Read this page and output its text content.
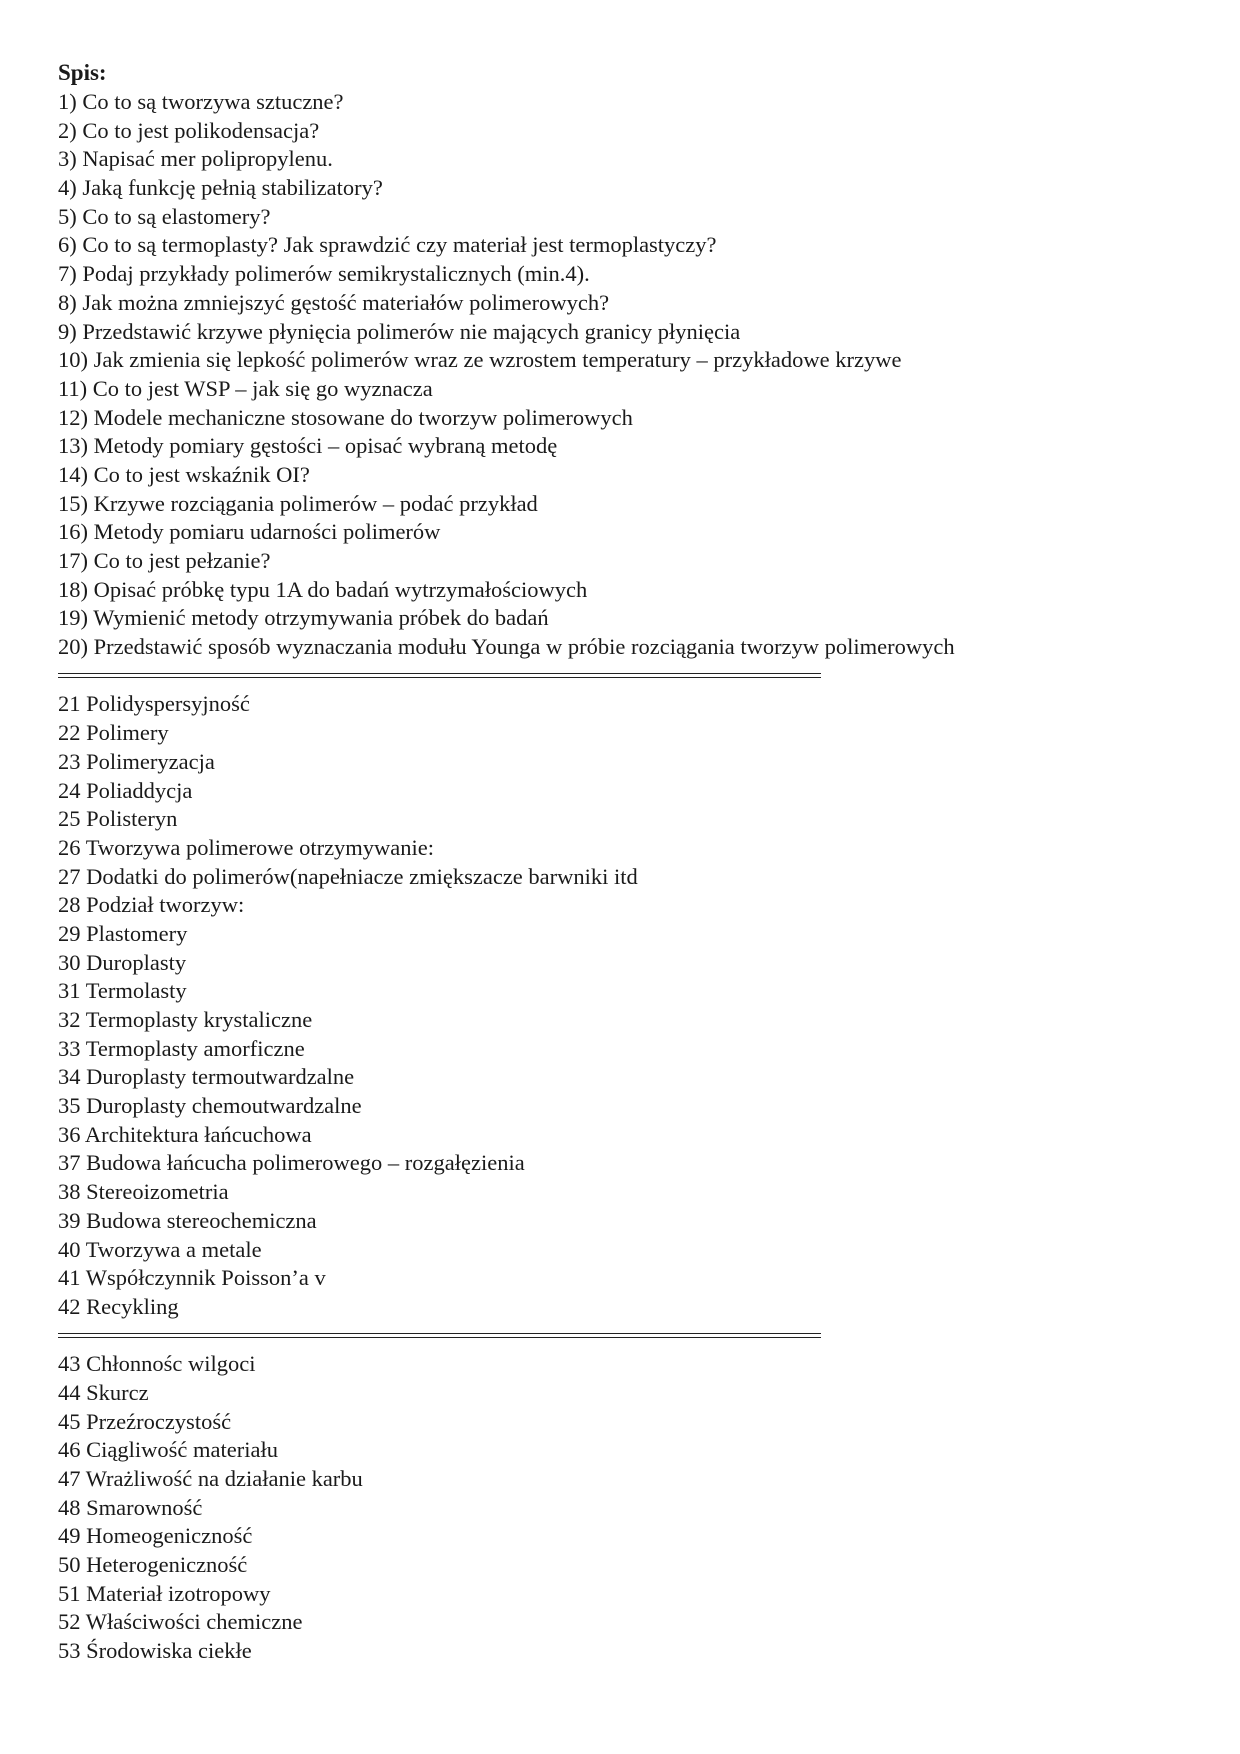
Spis:
1) Co to są tworzywa sztuczne?
2) Co to jest polikodensacja?
3) Napisać mer polipropylenu.
4) Jaką funkcję pełnią stabilizatory?
5) Co to są elastomery?
6) Co to są termoplasty? Jak sprawdzić czy materiał jest termoplastyczy?
7) Podaj przykłady polimerów semikrystalicznych (min.4).
8) Jak można zmniejszyć gęstość materiałów polimerowych?
9) Przedstawić krzywe płynięcia polimerów nie mających granicy płynięcia
10) Jak zmienia się lepkość polimerów wraz ze wzrostem temperatury – przykładowe krzywe
11) Co to jest WSP – jak się go wyznacza
12) Modele mechaniczne stosowane do tworzyw polimerowych
13) Metody pomiary gęstości – opisać wybraną metodę
14) Co to jest wskaźnik OI?
15) Krzywe rozciągania polimerów – podać przykład
16) Metody pomiaru udarności polimerów
17) Co to jest pełzanie?
18) Opisać próbkę typu 1A do badań wytrzymałościowych
19) Wymienić metody otrzymywania próbek do badań
20) Przedstawić sposób wyznaczania modułu Younga w próbie rozciągania tworzyw polimerowych
21 Polidyspersyjność
22 Polimery
23 Polimeryzacja
24 Poliaddycja
25 Polisteryn
26 Tworzywa polimerowe otrzymywanie:
27 Dodatki do polimerów(napełniacze zmiększacze barwniki itd
28 Podział tworzyw:
29 Plastomery
30 Duroplasty
31 Termolasty
32 Termoplasty krystaliczne
33 Termoplasty amorficzne
34 Duroplasty termoutwardzalne
35 Duroplasty chemoutwardzalne
36 Architektura łańcuchowa
37 Budowa łańcucha polimerowego – rozgałęzienia
38 Stereoizometria
39 Budowa stereochemiczna
40 Tworzywa a metale
41 Współczynnik Poisson’a v
42 Recykling
43 Chłonnośc wilgoci
44 Skurcz
45 Przeźroczystość
46 Ciągliwość materiału
47 Wrażliwość na działanie karbu
48 Smarowność
49 Homeogeniczność
50 Heterogeniczność
51 Materiał izotropowy
52 Właściwości chemiczne
53 Środowiska ciekłe
